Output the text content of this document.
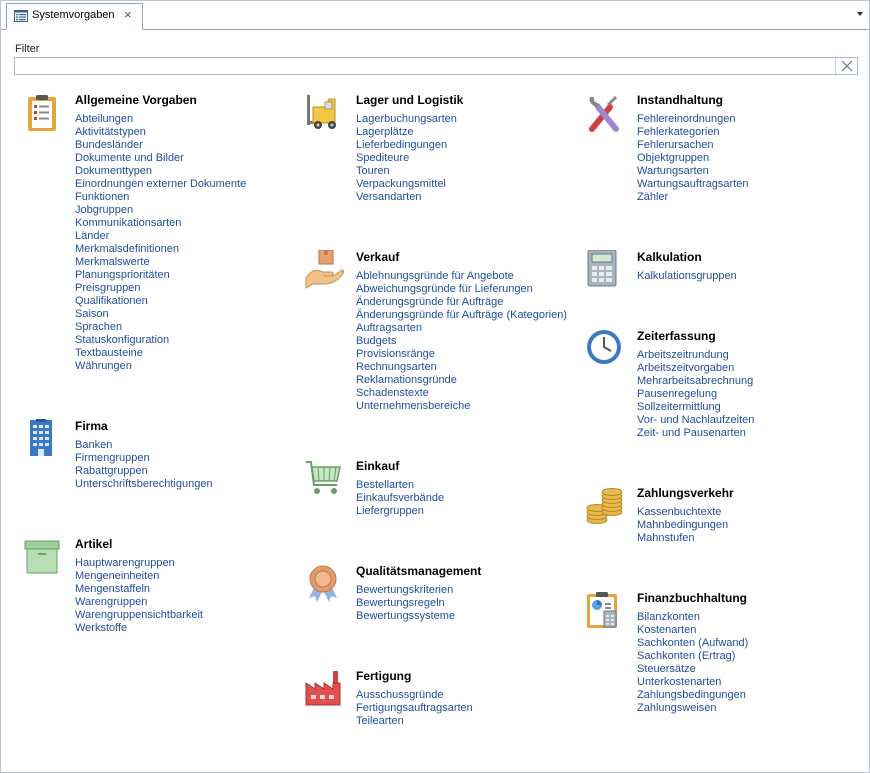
Systemvorgaben ×
Filter
Allgemeine Vorgaben
Abteilungen
Aktivitätstypen
Bundesländer
Dokumente und Bilder
Dokumenttypen
Einordnungen externer Dokumente
Funktionen
Jobgruppen
Kommunikationsarten
Länder
Merkmalsdefinitionen
Merkmalswerte
Planungsprioritäten
Preisgruppen
Qualifikationen
Saison
Sprachen
Statuskonfiguration
Textbausteine
Währungen
Firma
Banken
Firmengruppen
Rabattgruppen
Unterschriftsberechtigungen
Artikel
Hauptwarengruppen
Mengeneinheiten
Mengenstaffeln
Warengruppen
Warengruppensichtbarkeit
Werkstoffe
Lager und Logistik
Lagerbuchungsarten
Lagerplätze
Lieferbedingungen
Spediteure
Touren
Verpackungsmittel
Versandarten
Verkauf
Ablehnungsgründe für Angebote
Abweichungsgründe für Lieferungen
Änderungsgründe für Aufträge
Änderungsgründe für Aufträge (Kategorien)
Auftragsarten
Budgets
Provisionsränge
Rechnungsarten
Reklamationsgründe
Schadenstexte
Unternehmensbereiche
Einkauf
Bestellarten
Einkaufsverbände
Liefergruppen
Qualitätsmanagement
Bewertungskriterien
Bewertungsregeln
Bewertungssysteme
Fertigung
Ausschussgründe
Fertigungsauftragsarten
Teilearten
Instandhaltung
Fehlereinordnungen
Fehlerkategorien
Fehlerursachen
Objektgruppen
Wartungsarten
Wartungsauftragsarten
Zähler
Kalkulation
Kalkulationsgruppen
Zeiterfassung
Arbeitszeitrundung
Arbeitszeitvorgaben
Mehrarbeitsabrechnung
Pausenregelung
Sollzeitermittlung
Vor- und Nachlaufzeiten
Zeit- und Pausenarten
Zahlungsverkehr
Kassenbuchtexte
Mahnbedingungen
Mahnstufen
Finanzbuchhaltung
Bilanzkonten
Kostenarten
Sachkonten (Aufwand)
Sachkonten (Ertrag)
Steuersätze
Unterkostenarten
Zahlungsbedingungen
Zahlungsweisen
